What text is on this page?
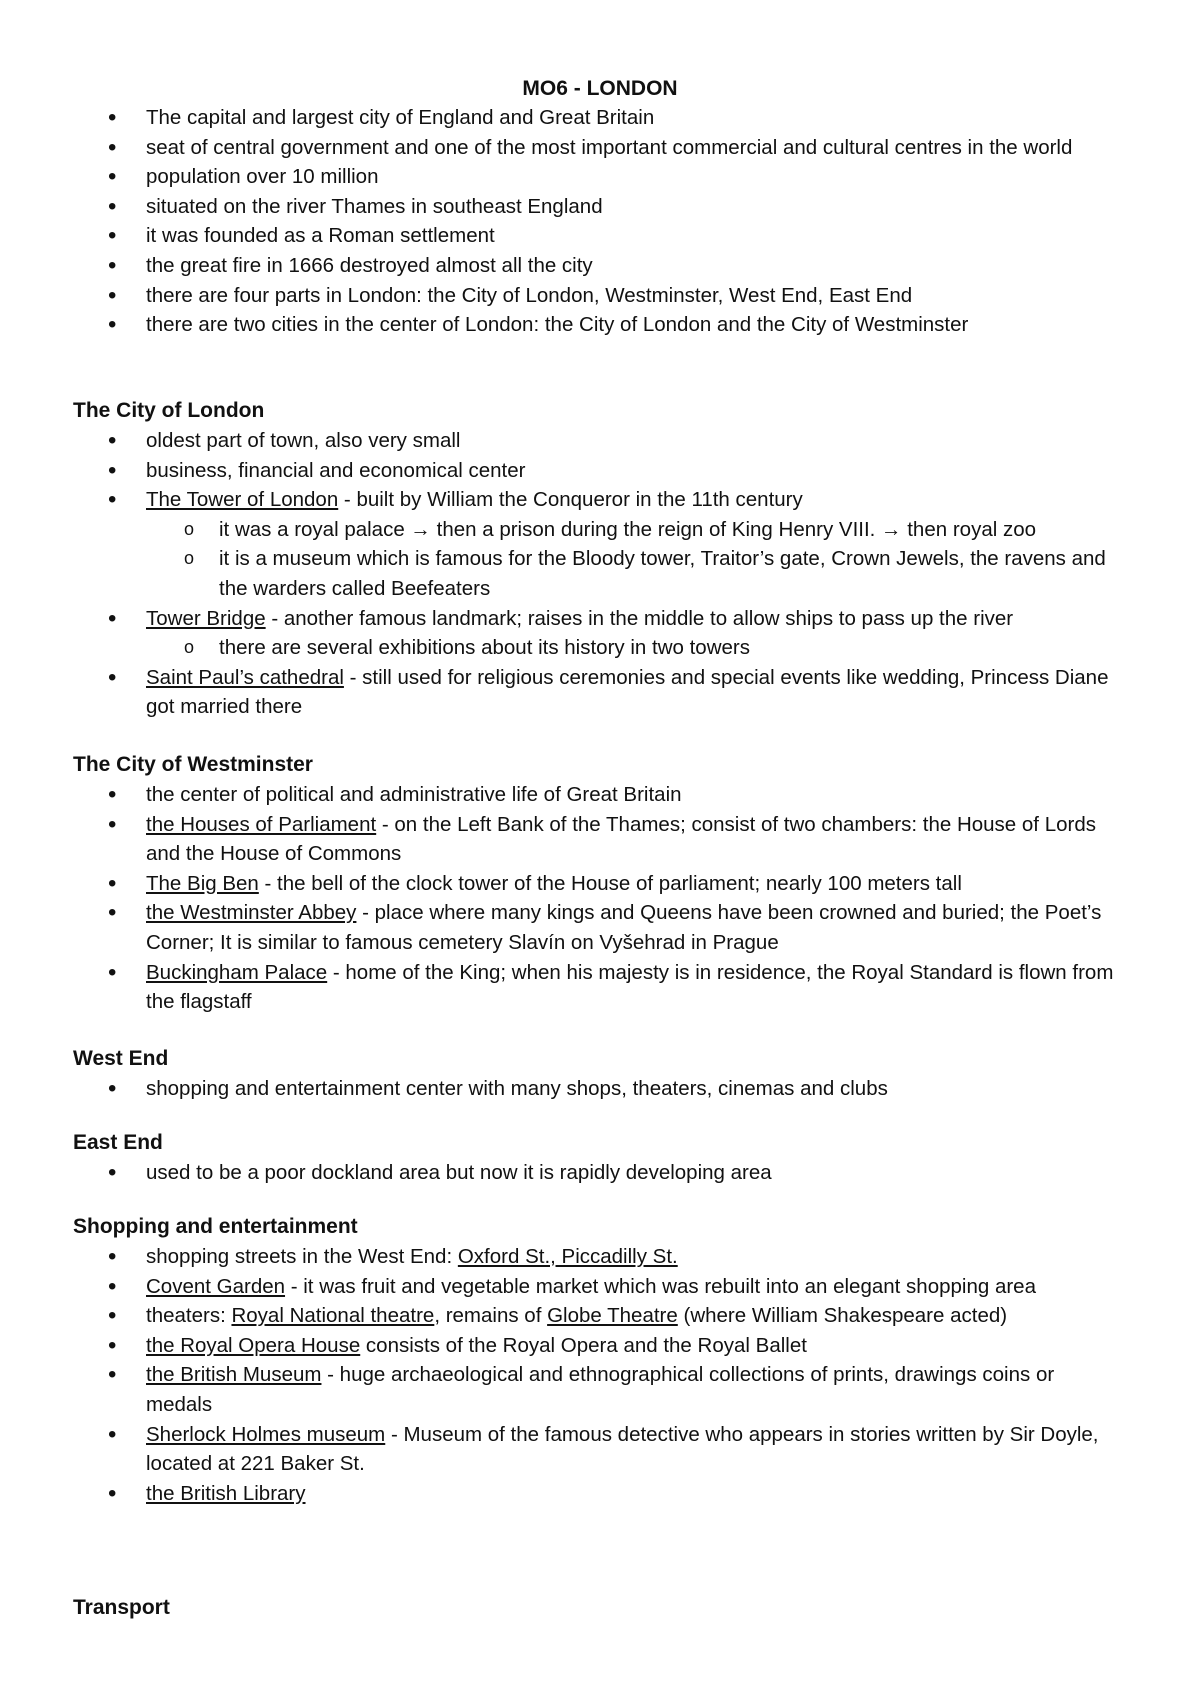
MO6 - LONDON
• The capital and largest city of England and Great Britain
• seat of central government and one of the most important commercial and cultural centres in the world
• population over 10 million
• situated on the river Thames in southeast England
• it was founded as a Roman settlement
• the great fire in 1666 destroyed almost all the city
• there are four parts in London: the City of London, Westminster, West End, East End
• there are two cities in the center of London: the City of London and the City of Westminster
The City of London
• oldest part of town, also very small
• business, financial and economical center
• The Tower of London - built by William the Conqueror in the 11th century
o it was a royal palace → then a prison during the reign of King Henry VIII. → then royal zoo
o it is a museum which is famous for the Bloody tower, Traitor’s gate, Crown Jewels, the ravens and the warders called Beefeaters
• Tower Bridge - another famous landmark; raises in the middle to allow ships to pass up the river
o there are several exhibitions about its history in two towers
• Saint Paul’s cathedral - still used for religious ceremonies and special events like wedding, Princess Diane got married there
The City of Westminster
• the center of political and administrative life of Great Britain
• the Houses of Parliament - on the Left Bank of the Thames; consist of two chambers: the House of Lords and the House of Commons
• The Big Ben - the bell of the clock tower of the House of parliament; nearly 100 meters tall
• the Westminster Abbey - place where many kings and Queens have been crowned and buried; the Poet’s Corner; It is similar to famous cemetery Slavín on Vyšehrad in Prague
• Buckingham Palace - home of the King; when his majesty is in residence, the Royal Standard is flown from the flagstaff
West End
• shopping and entertainment center with many shops, theaters, cinemas and clubs
East End
• used to be a poor dockland area but now it is rapidly developing area
Shopping and entertainment
• shopping streets in the West End: Oxford St., Piccadilly St.
• Covent Garden - it was fruit and vegetable market which was rebuilt into an elegant shopping area
• theaters: Royal National theatre, remains of Globe Theatre (where William Shakespeare acted)
• the Royal Opera House consists of the Royal Opera and the Royal Ballet
• the British Museum - huge archaeological and ethnographical collections of prints, drawings coins or medals
• Sherlock Holmes museum - Museum of the famous detective who appears in stories written by Sir Doyle, located at 221 Baker St.
• the British Library
Transport
